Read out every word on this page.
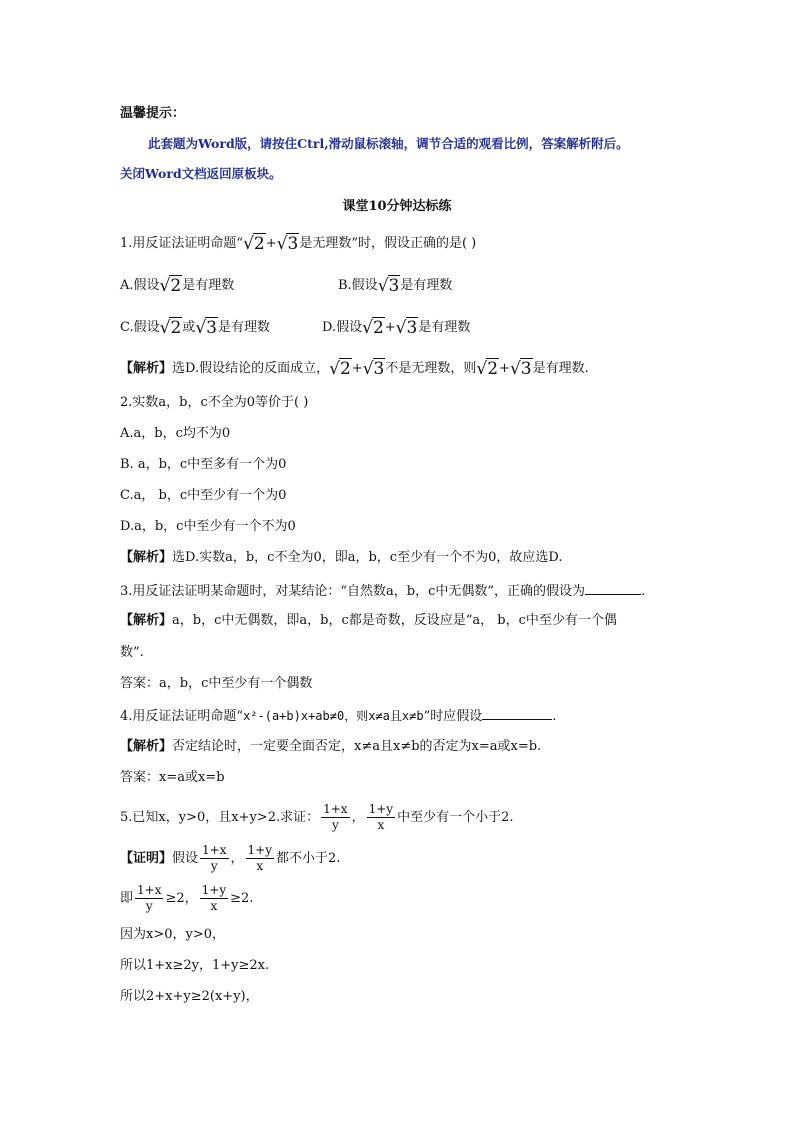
温馨提示：
此套题为Word版，请按住Ctrl,滑动鼠标滚轴，调节合适的观看比例，答案解析附后。
关闭Word文档返回原板块。
课堂10分钟达标练
1.用反证法证明命题“√2+√3是无理数”时，假设正确的是( )
A.假设√2是有理数	B.假设√3是有理数
C.假设√2或√3是有理数	D.假设√2+√3是有理数
【解析】选D.假设结论的反面成立，√2+√3不是无理数，则√2+√3是有理数.
2.实数a，b，c不全为0等价于( )
A.a，b，c均不为0
B. a，b，c中至多有一个为0
C.a， b，c中至少有一个为0
D.a，b，c中至少有一个不为0
【解析】选D.实数a，b，c不全为0，即a，b，c至少有一个不为0，故应选D.
3.用反证法证明某命题时，对某结论：“自然数a，b，c中无偶数”，正确的假设为	.
【解析】a，b，c中无偶数，即a，b，c都是奇数，反设应是“a， b，c中至少有一个偶
数”.
答案：a，b，c中至少有一个偶数
4.用反证法证明命题“x²-(a+b)x+ab≠0，则x≠a且x≠b”时应假设	.
【解析】否定结论时，一定要全面否定，x≠a且x≠b的否定为x=a或x=b.
答案：x=a或x=b
5.已知x，y>0，且x+y>2.求证： $\frac{1+x}{y}$ ， $\frac{1+y}{x}$ 中至少有一个小于2.
【证明】假设 $\frac{1+x}{y}$ ， $\frac{1+y}{x}$ 都不小于2.
即 $\frac{1+x}{y} \ge 2$， $\frac{1+y}{x} \ge 2$.
因为x>0，y>0，
所以1+x≥2y，1+y≥2x.
所以2+x+y≥2(x+y)，
